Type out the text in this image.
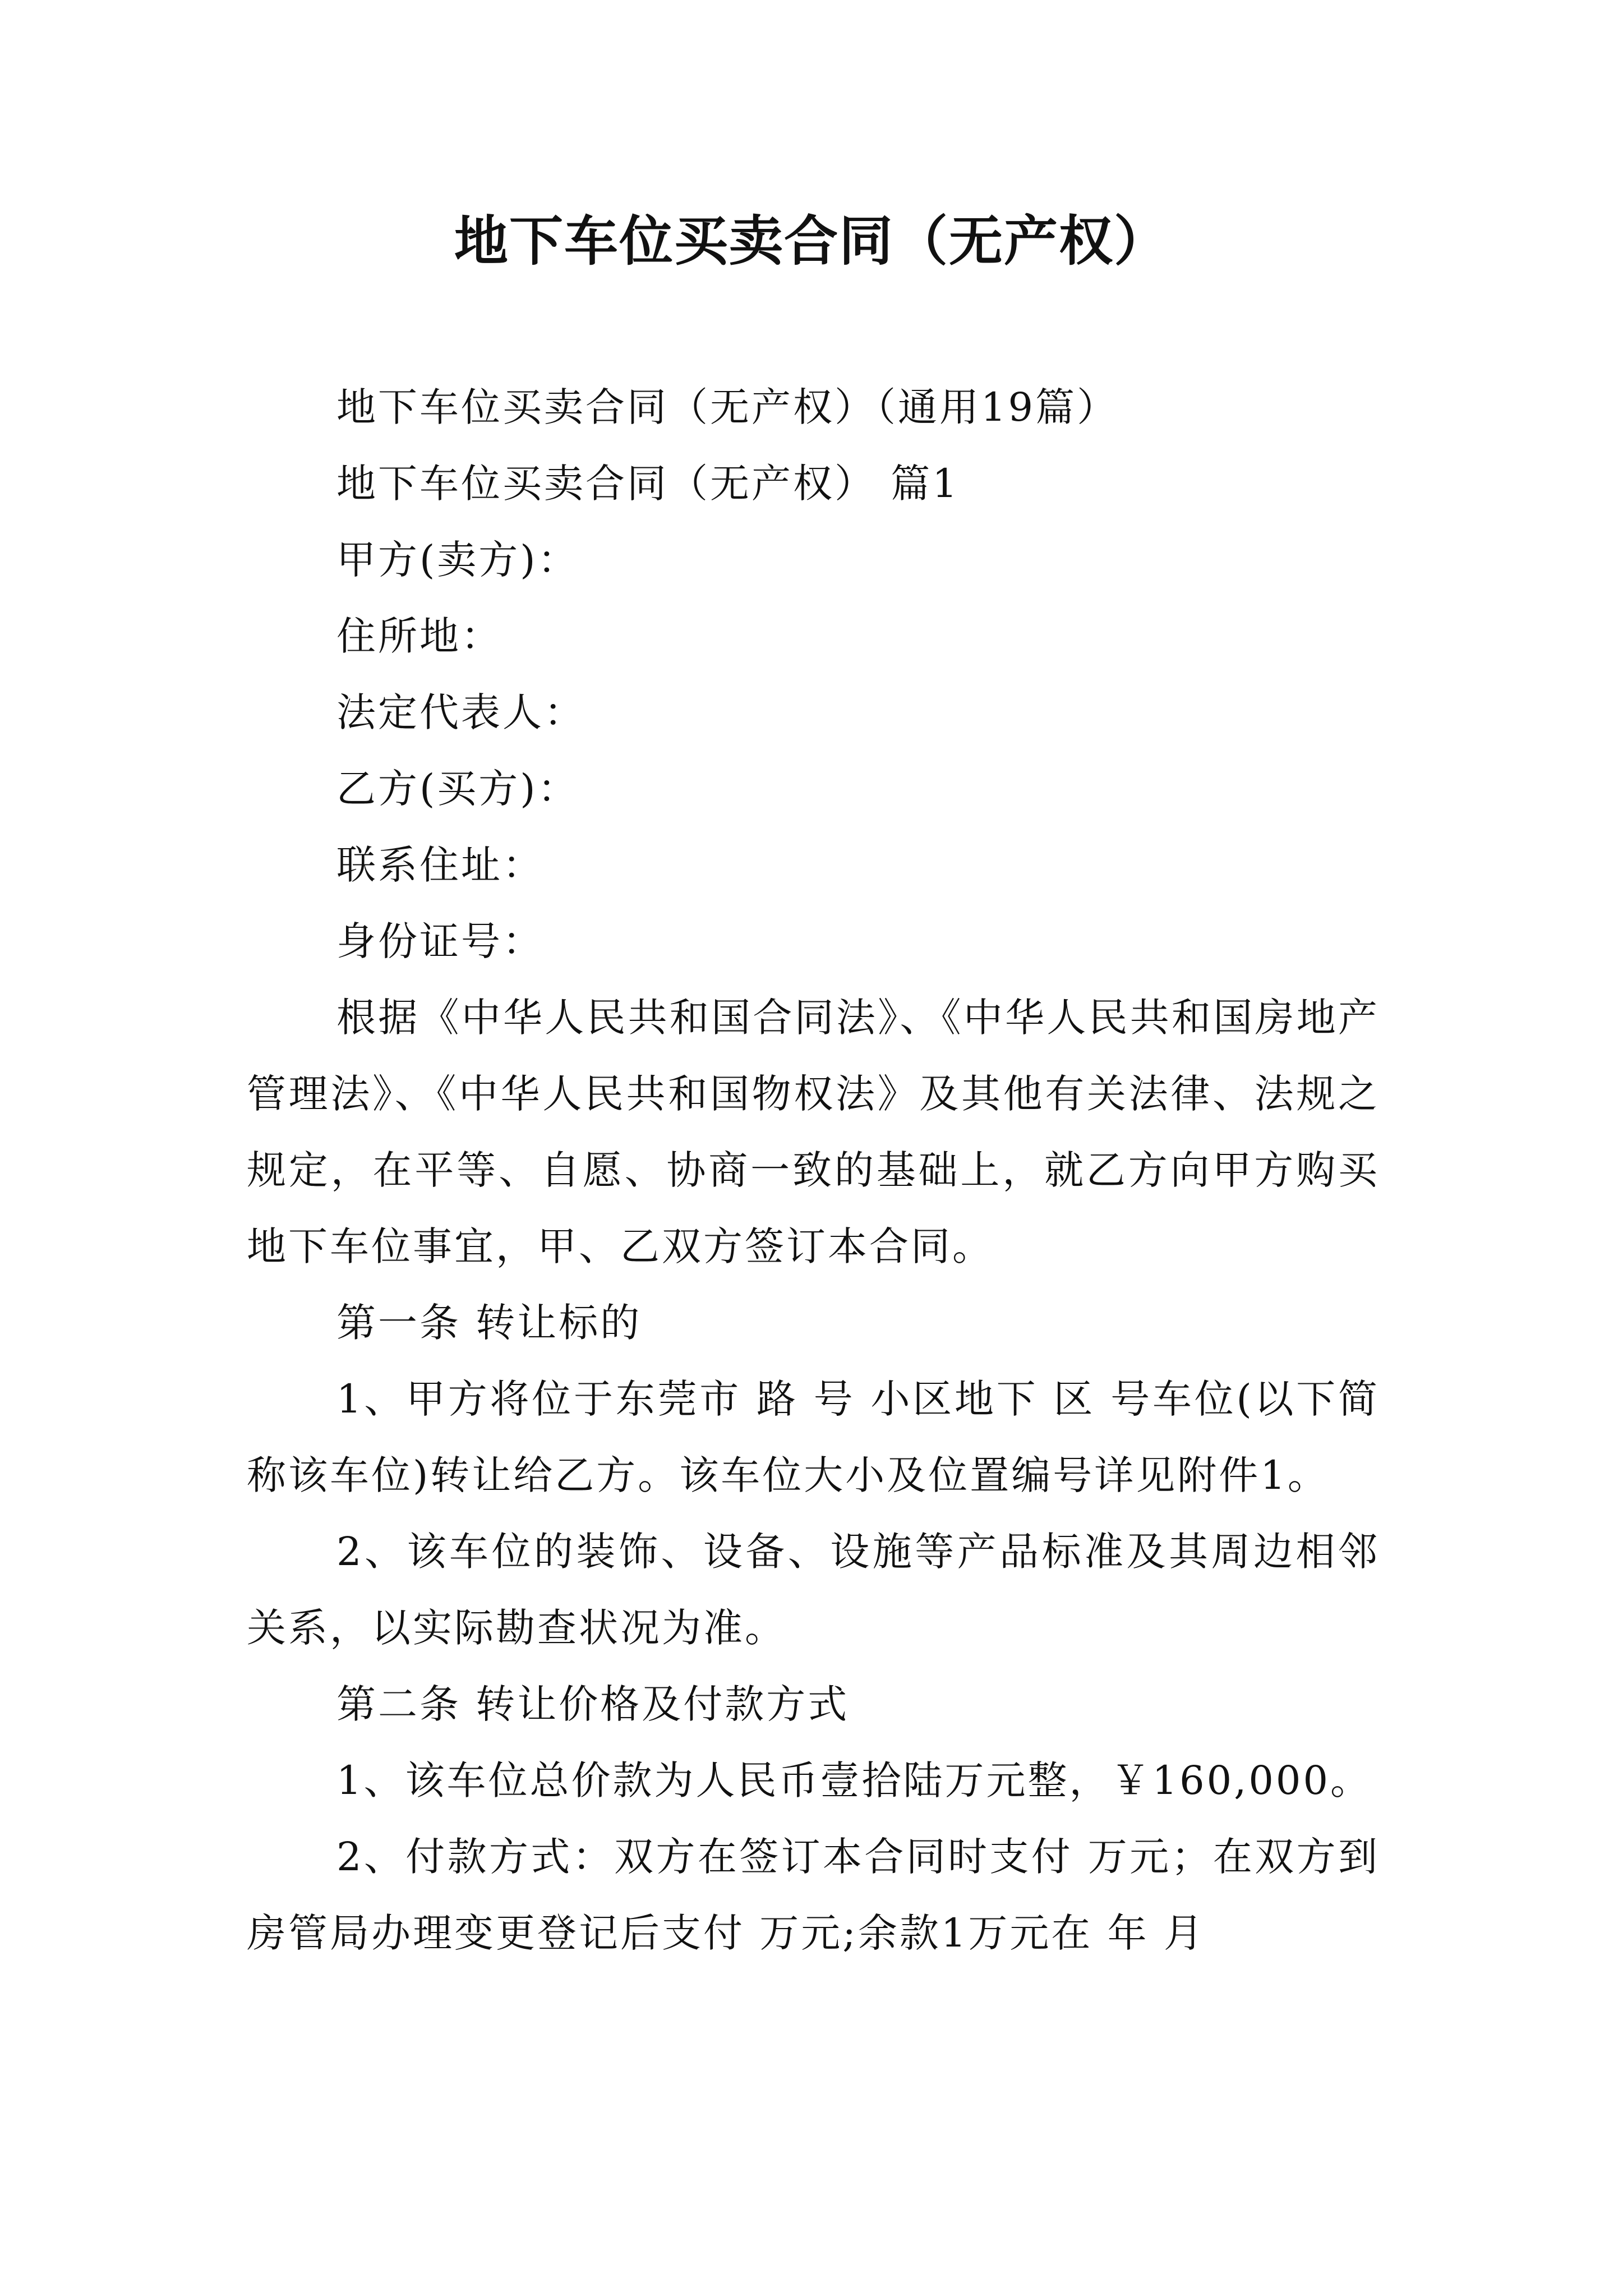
地下车位买卖合同（无产权）

地下车位买卖合同（无产权）（通用19篇）

地下车位买卖合同（无产权） 篇1

甲方(卖方)：

住所地：

法定代表人：

乙方(买方)：

联系住址：

身份证号：

根据《中华人民共和国合同法》、《中华人民共和国房地产管理法》、《中华人民共和国物权法》及其他有关法律、法规之规定，在平等、自愿、协商一致的基础上，就乙方向甲方购买地下车位事宜，甲、乙双方签订本合同。

第一条 转让标的

1、甲方将位于东莞市 路 号 小区地下 区 号车位(以下简称该车位)转让给乙方。该车位大小及位置编号详见附件1。

2、该车位的装饰、设备、设施等产品标准及其周边相邻关系，以实际勘查状况为准。

第二条 转让价格及付款方式

1、该车位总价款为人民币壹拾陆万元整，￥160,000。

2、付款方式：双方在签订本合同时支付 万元；在双方到房管局办理变更登记后支付 万元;余款1万元在 年 月
